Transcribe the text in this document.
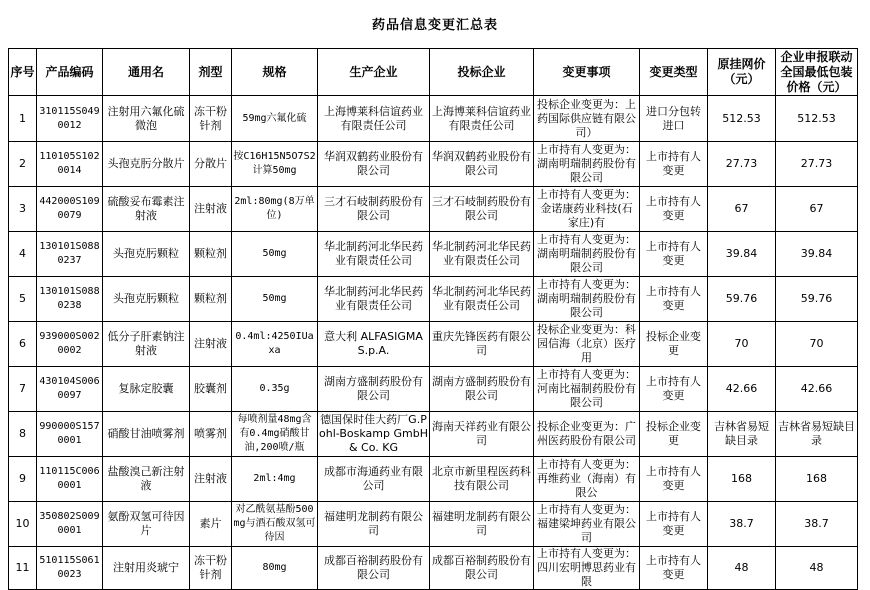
药品信息变更汇总表
序号	产品编码	通用名	剂型	规格	生产企业	投标企业	变更事项	变更类型	原挂网价（元）	企业申报联动全国最低包装价格（元）

1	310115S0490012	注射用六氟化硫微泡	冻干粉针剂	59mg六氟化硫	上海博莱科信谊药业有限责任公司	上海博莱科信谊药业有限责任公司	投标企业变更为：上药国际供应链有限公司）	进口分包转进口	512.53	512.53

2	110105S1020014	头孢克肟分散片	分散片	按C16H15N5O7S2计算50mg	华润双鹤药业股份有限公司	华润双鹤药业股份有限公司	上市持有人变更为：湖南明瑞制药股份有限公司	上市持有人变更	27.73	27.73

3	442000S1090079	硫酸妥布霉素注射液	注射液	2ml:80mg(8万单位)	三才石岐制药股份有限公司	三才石岐制药股份有限公司	上市持有人变更为：金诺康药业科技(石家庄)有	上市持有人变更	67	67

4	130101S0880237	头孢克肟颗粒	颗粒剂	50mg	华北制药河北华民药业有限责任公司	华北制药河北华民药业有限责任公司	上市持有人变更为：湖南明瑞制药股份有限公司	上市持有人变更	39.84	39.84

5	130101S0880238	头孢克肟颗粒	颗粒剂	50mg	华北制药河北华民药业有限责任公司	华北制药河北华民药业有限责任公司	上市持有人变更为：湖南明瑞制药股份有限公司	上市持有人变更	59.76	59.76

6	939000S0020002	低分子肝素钠注射液	注射液	0.4ml:4250IUaxa	意大利 ALFASIGMA S.p.A.	重庆先锋医药有限公司	投标企业变更为：科园信海（北京）医疗用	投标企业变更	70	70

7	430104S0060097	复脉定胶囊	胶囊剂	0.35g	湖南方盛制药股份有限公司	湖南方盛制药股份有限公司	上市持有人变更为：河南比福制药股份有限公司	上市持有人变更	42.66	42.66

8	990000S1570001	硝酸甘油喷雾剂	喷雾剂	每喷剂量48mg含有0.4mg硝酸甘油,200喷/瓶	德国保时佳大药厂G.Pohl-Boskamp GmbH & Co. KG	海南天祥药业有限公司	投标企业变更为：广州医药股份有限公司	投标企业变更	吉林省易短缺目录	吉林省易短缺目录

9	110115C0060001	盐酸溴己新注射液	注射液	2ml:4mg	成都市海通药业有限公司	北京市新里程医药科技有限公司	上市持有人变更为：再维药业（海南）有限公	上市持有人变更	168	168

10	350802S0090001	氨酚双氢可待因片	素片	对乙酰氨基酚500mg与酒石酸双氢可待因	福建明龙制药有限公司	福建明龙制药有限公司	上市持有人变更为：福建梁坤药业有限公司	上市持有人变更	38.7	38.7

11	510115S0610023	注射用炎琥宁	冻干粉针剂	80mg	成都百裕制药股份有限公司	成都百裕制药股份有限公司	上市持有人变更为：四川宏明博思药业有限	上市持有人变更	48	48
